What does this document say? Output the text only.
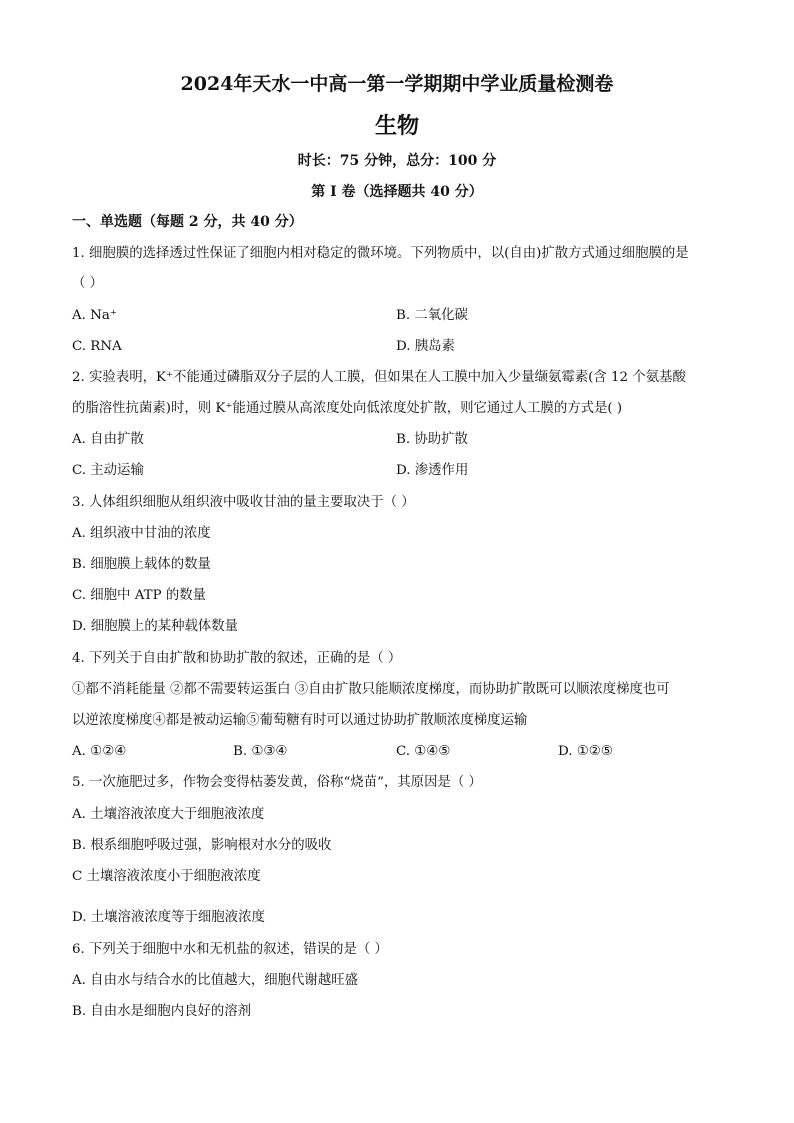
2024年天水一中高一第一学期期中学业质量检测卷
生物
时长：75 分钟，总分：100 分
第 I 卷（选择题共 40 分）
一、单选题（每题 2 分，共 40 分）
1. 细胞膜的选择透过性保证了细胞内相对稳定的微环境。下列物质中，以(自由)扩散方式通过细胞膜的是
（ ）
A. Na⁺	B. 二氧化碳
C. RNA	D. 胰岛素
2. 实验表明，K⁺不能通过磷脂双分子层的人工膜，但如果在人工膜中加入少量缬氨霉素(含 12 个氨基酸
的脂溶性抗菌素)时，则 K⁺能通过膜从高浓度处向低浓度处扩散，则它通过人工膜的方式是( )
A. 自由扩散	B. 协助扩散
C. 主动运输	D. 渗透作用
3. 人体组织细胞从组织液中吸收甘油的量主要取决于（ ）
A. 组织液中甘油的浓度
B. 细胞膜上载体的数量
C. 细胞中 ATP 的数量
D. 细胞膜上的某种载体数量
4. 下列关于自由扩散和协助扩散的叙述，正确的是（ ）
①都不消耗能量 ②都不需要转运蛋白 ③自由扩散只能顺浓度梯度，而协助扩散既可以顺浓度梯度也可
以逆浓度梯度④都是被动运输⑤葡萄糖有时可以通过协助扩散顺浓度梯度运输
A. ①②④	B. ①③④	C. ①④⑤	D. ①②⑤
5. 一次施肥过多，作物会变得枯萎发黄，俗称“烧苗”，其原因是（ ）
A. 土壤溶液浓度大于细胞液浓度
B. 根系细胞呼吸过强，影响根对水分的吸收
C 土壤溶液浓度小于细胞液浓度
D. 土壤溶液浓度等于细胞液浓度
6. 下列关于细胞中水和无机盐的叙述，错误的是（ ）
A. 自由水与结合水的比值越大，细胞代谢越旺盛
B. 自由水是细胞内良好的溶剂
